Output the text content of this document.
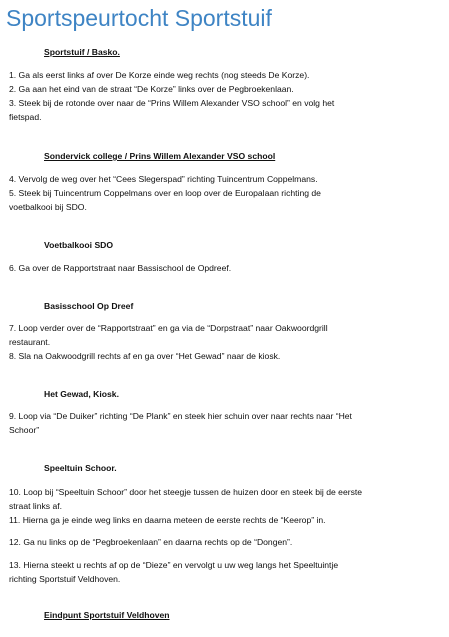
Sportspeurtocht Sportstuif
Sportstuif / Basko.
1. Ga als eerst links af over De Korze einde weg rechts (nog steeds De Korze).
2. Ga aan het eind van de straat “De Korze” links over de Pegbroekenlaan.
3. Steek bij de rotonde over naar de “Prins Willem Alexander VSO school” en volg het
fietspad.
Sondervick college / Prins Willem Alexander VSO school
4. Vervolg de weg over het “Cees Slegerspad” richting Tuincentrum Coppelmans.
5. Steek bij Tuincentrum Coppelmans over en loop over de Europalaan richting de
voetbalkooi bij SDO.
Voetbalkooi SDO
6. Ga over de Rapportstraat naar Bassischool de Opdreef.
Basisschool Op Dreef
7. Loop verder over de “Rapportstraat” en ga via de “Dorpstraat” naar Oakwoordgrill
restaurant.
8. Sla na Oakwoodgrill rechts af en ga over “Het Gewad” naar de kiosk.
Het Gewad, Kiosk.
9. Loop via “De Duiker” richting “De Plank” en steek hier schuin over naar rechts naar “Het
Schoor”
Speeltuin Schoor.
10. Loop bij “Speeltuin Schoor” door het steegje tussen de huizen door en steek bij de eerste
straat links af.
11. Hierna ga je einde weg links en daarna meteen de eerste rechts de “Keerop” in.
12. Ga nu links op de “Pegbroekenlaan” en daarna rechts op de “Dongen”.
13. Hierna steekt u rechts af op de “Dieze” en vervolgt u uw weg langs het Speeltuintje
richting Sportstuif Veldhoven.
Eindpunt Sportstuif Veldhoven
